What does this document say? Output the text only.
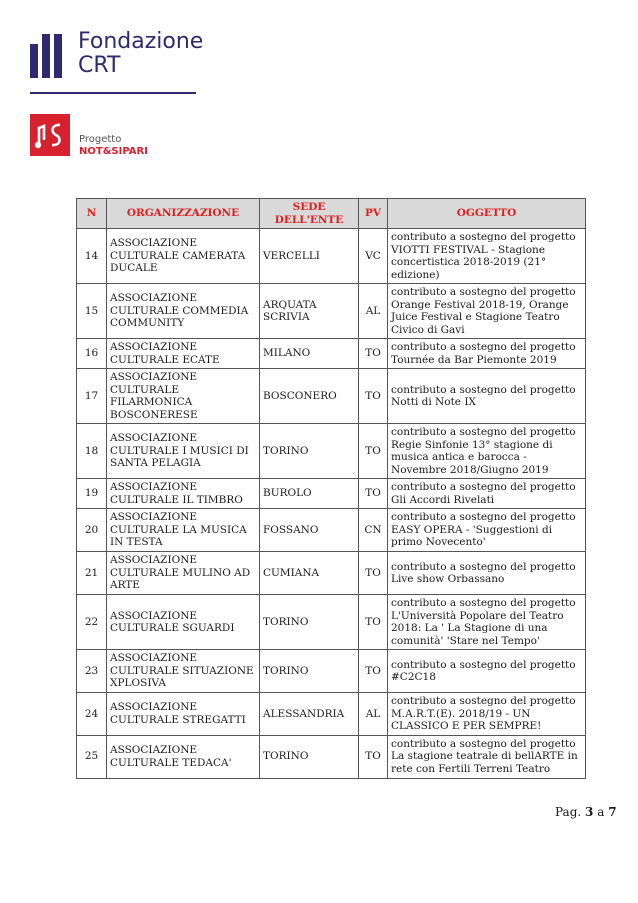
Fondazione
CRT
Progetto
NOT&SIPARI
N	ORGANIZZAZIONE	SEDE DELL'ENTE	PV	OGGETTO
14	ASSOCIAZIONE CULTURALE CAMERATA DUCALE	VERCELLI	VC	contributo a sostegno del progetto VIOTTI FESTIVAL - Stagione concertistica 2018-2019 (21° edizione)
15	ASSOCIAZIONE CULTURALE COMMEDIA COMMUNITY	ARQUATA SCRIVIA	AL	contributo a sostegno del progetto Orange Festival 2018-19, Orange Juice Festival e Stagione Teatro Civico di Gavi
16	ASSOCIAZIONE CULTURALE ECATE	MILANO	TO	contributo a sostegno del progetto Tournée da Bar Piemonte 2019
17	ASSOCIAZIONE CULTURALE FILARMONICA BOSCONERESE	BOSCONERO	TO	contributo a sostegno del progetto Notti di Note IX
18	ASSOCIAZIONE CULTURALE I MUSICI DI SANTA PELAGIA	TORINO	TO	contributo a sostegno del progetto Regie Sinfonie 13° stagione di musica antica e barocca - Novembre 2018/Giugno 2019
19	ASSOCIAZIONE CULTURALE IL TIMBRO	BUROLO	TO	contributo a sostegno del progetto Gli Accordi Rivelati
20	ASSOCIAZIONE CULTURALE LA MUSICA IN TESTA	FOSSANO	CN	contributo a sostegno del progetto EASY OPERA - 'Suggestioni di primo Novecento'
21	ASSOCIAZIONE CULTURALE MULINO AD ARTE	CUMIANA	TO	contributo a sostegno del progetto Live show Orbassano
22	ASSOCIAZIONE CULTURALE SGUARDI	TORINO	TO	contributo a sostegno del progetto L'Università Popolare del Teatro 2018: La ' La Stagione di una comunità' 'Stare nel Tempo'
23	ASSOCIAZIONE CULTURALE SITUAZIONE XPLOSIVA	TORINO	TO	contributo a sostegno del progetto #C2C18
24	ASSOCIAZIONE CULTURALE STREGATTI	ALESSANDRIA	AL	contributo a sostegno del progetto M.A.R.T.(E). 2018/19 - UN CLASSICO E PER SEMPRE!
25	ASSOCIAZIONE CULTURALE TEDACA'	TORINO	TO	contributo a sostegno del progetto La stagione teatrale di bellARTE in rete con Fertili Terreni Teatro
Pag. 3 a 7
